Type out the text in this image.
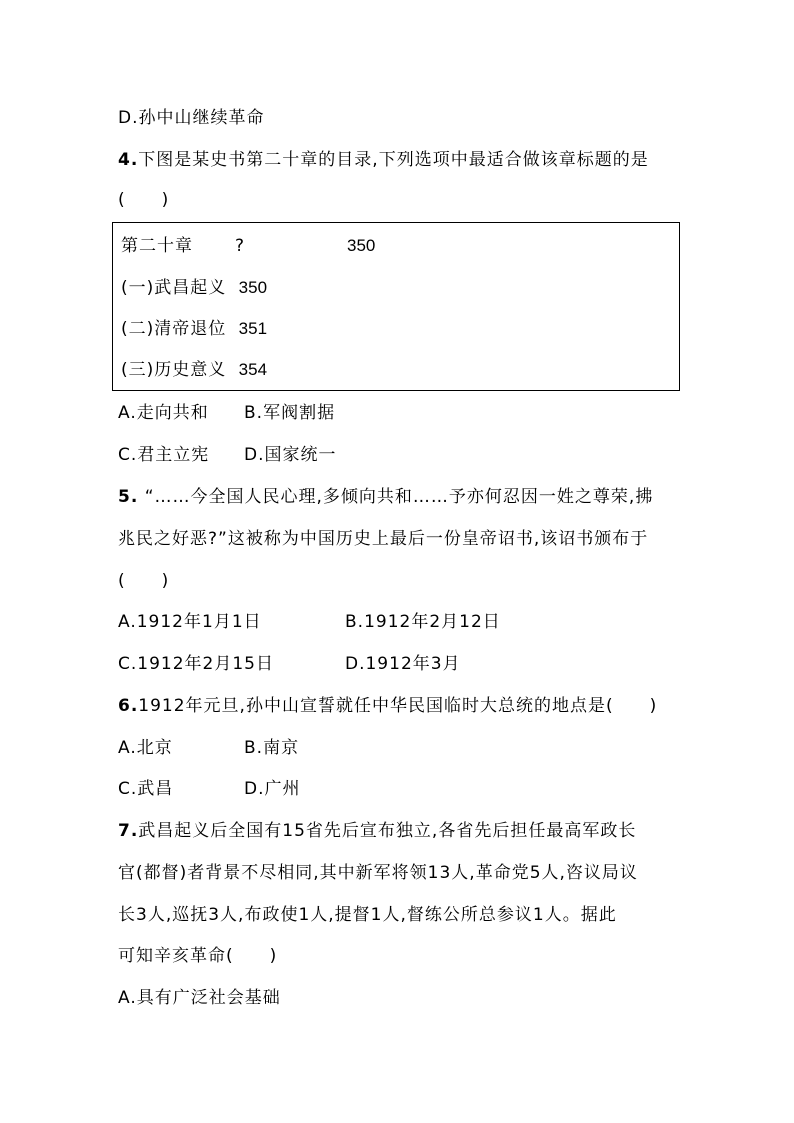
D.孙中山继续革命
4.下图是某史书第二十章的目录,下列选项中最适合做该章标题的是
(　　)
第二十章 ?	350
(一)武昌起义 350
(二)清帝退位 351
(三)历史意义 354
A.走向共和 B.军阀割据
C.君主立宪 D.国家统一
5. “……今全国人民心理,多倾向共和……予亦何忍因一姓之尊荣,拂
兆民之好恶?”这被称为中国历史上最后一份皇帝诏书,该诏书颁布于
(　　)
A.1912年1月1日	B.1912年2月12日
C.1912年2月15日	D.1912年3月
6.1912年元旦,孙中山宣誓就任中华民国临时大总统的地点是(　　)
A.北京	B.南京
C.武昌	D.广州
7.武昌起义后全国有15省先后宣布独立,各省先后担任最高军政长
官(都督)者背景不尽相同,其中新军将领13人,革命党5人,咨议局议
长3人,巡抚3人,布政使1人,提督1人,督练公所总参议1人。据此
可知辛亥革命(　　)
A.具有广泛社会基础
